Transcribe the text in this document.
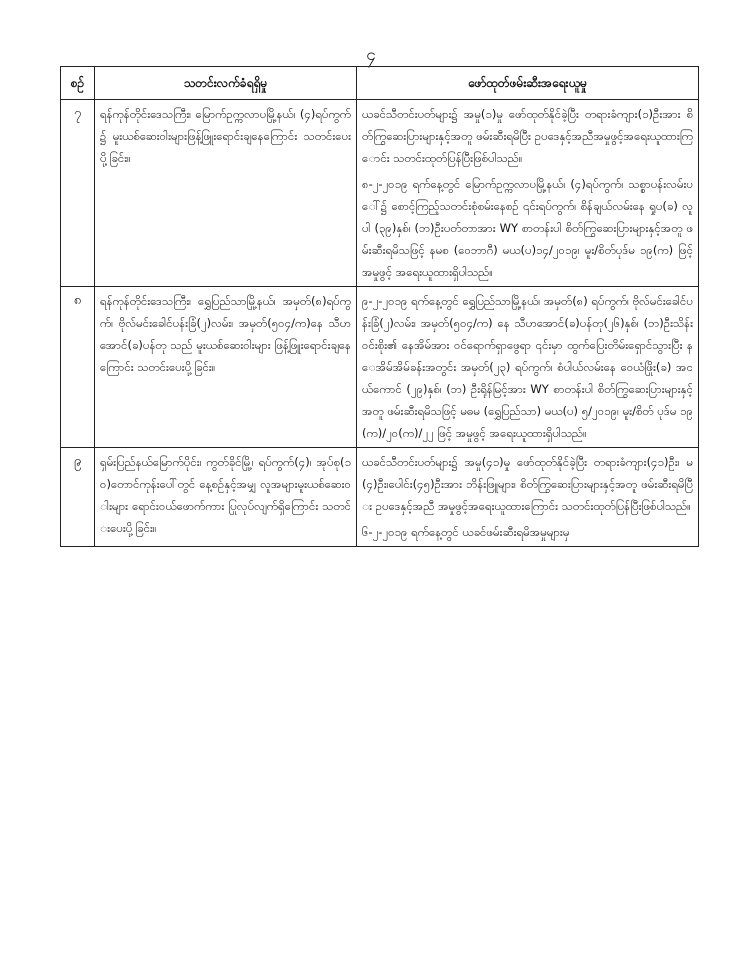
၄
စဉ်	သတင်းလက်ခံရရှိမှု	ဖော်ထုတ်ဖမ်းဆီးအရေးယူမှု
၇	ရန်ကုန်တိုင်းဒေသကြီး၊ မြောက်ဥက္ကလာပမြို့နယ်၊ (၄)ရပ်ကွက်၌ မူးယစ်ဆေးဝါးများဖြန့်ဖြူးရောင်းချနေကြောင်း သတင်းပေးပို့ခြင်း။	ယခင်သီတင်းပတ်များ၌ အမှု(၁)မှု ဖော်ထုတ်နိုင်ခဲ့ပြီး တရားခံကျား(၁)ဦးအား စိတ်ကြွဆေးပြားများနှင့်အတူ ဖမ်းဆီးရမိပြီး ဥပဒေနှင့်အညီအမှုဖွင့်အရေးယူထားကြောင်း သတင်းထုတ်ပြန်ပြီးဖြစ်ပါသည်။

၈-၂-၂၀၁၉ ရက်နေ့တွင် မြောက်ဥက္ကလာပမြို့နယ်၊ (၄)ရပ်ကွက်၊ သစ္စာပန်းလမ်းပေါ်၌ စောင့်ကြည့်သတင်းစုံစမ်းနေစဉ် ၎င်းရပ်ကွက်၊ စိန်ချယ်လမ်းနေ ရှုပ(ခ) လူပါ (၃၉)နှစ်၊ (ဘ)ဦးပတ်တာအား WY စာတန်းပါ စိတ်ကြွဆေးပြားများနှင့်အတူ ဖမ်းဆီးရမိသဖြင့် နမစ (ဝေဘာဂီ) မယ(ပ)၁၄/၂၀၁၉၊ မူး/စိတ်ပုဒ်မ ၁၉(က) ဖြင့် အမှုဖွင့် အရေးယူထားရှိပါသည်။

၈	ရန်ကုန်တိုင်းဒေသကြီး၊ ရွှေပြည်သာမြို့နယ်၊ အမှတ်(၈)ရပ်ကွက်၊ ဗိုလ်မင်းခေါင်ပန်းခြံ(၂)လမ်း၊ အမှတ်(၅၀၄/က)နေ သီဟအောင်(ခ)ပန်တု သည် မူးယစ်ဆေးဝါးများ ဖြန့်ဖြူးရောင်းချနေကြောင်း သတင်းပေးပို့ခြင်း။	၉-၂-၂၀၁၉ ရက်နေ့တွင် ရွှေပြည်သာမြို့နယ်၊ အမှတ်(၈) ရပ်ကွက်၊ ဗိုလ်မင်းခေါင်ပန်းခြံ(၂)လမ်း၊ အမှတ်(၅၀၄/က) နေ သီဟအောင်(ခ)ပန်တု(၂၆)နှစ်၊ (ဘ)ဦးသိန်းဝင်းစိုး၏ နေအိမ်အား ဝင်ရောက်ရှာဖွေရာ ၎င်းမှာ ထွက်ပြေးတိမ်းရှောင်သွားပြီး နေအိမ်အိမ်ခန်းအတွင်း အမှတ်(၂၃) ရပ်ကွက်၊ စံပါယ်လမ်းနေ ဝေယံဖြိုး(ခ) အငယ်ကောင် (၂၉)နှစ်၊ (ဘ) ဦးရိုန်မြင့်အား WY စာတန်းပါ စိတ်ကြွဆေးပြားများနှင့်အတူ ဖမ်းဆီးရမိသဖြင့် မဓမ (ရွှေပြည်သာ) မယ(ပ) ၅/၂၀၁၉၊ မူး/စိတ် ပုဒ်မ ၁၉(က)/၂၀(က)/၂၂ ဖြင့် အမှုဖွင့် အရေးယူထားရှိပါသည်။

၉	ရှမ်းပြည်နယ်မြောက်ပိုင်း၊ ကွတ်ခိုင်မြို့၊ ရပ်ကွက်(၄)၊ အုပ်စု(၁၀)တောင်ကုန်းပေါ်တွင် နေ့စဉ်နှင့်အမျှ လူအများမူးယစ်ဆေးဝါးများ ရောင်းဝယ်ဖောက်ကား ပြုလုပ်လျက်ရှိကြောင်း သတင်းပေးပို့ခြင်း။	ယခင်သီတင်းပတ်များ၌ အမှု(၄၁)မှု ဖော်ထုတ်နိုင်ခဲ့ပြီး တရားခံကျား(၄၁)ဦး၊ မ(၄)ဦး၊ပေါင်း(၄၅)ဦးအား ဘိန်းဖြူများ၊ စိတ်ကြွဆေးပြားများနှင့်အတူ ဖမ်းဆီးရမိပြီး ဥပဒေနှင့်အညီ အမှုဖွင့်အရေးယူထားကြောင်း သတင်းထုတ်ပြန်ပြီးဖြစ်ပါသည်။

၆-၂-၂၀၁၉ ရက်နေ့တွင် ယခင်ဖမ်းဆီးရမိအမှုများမှ
